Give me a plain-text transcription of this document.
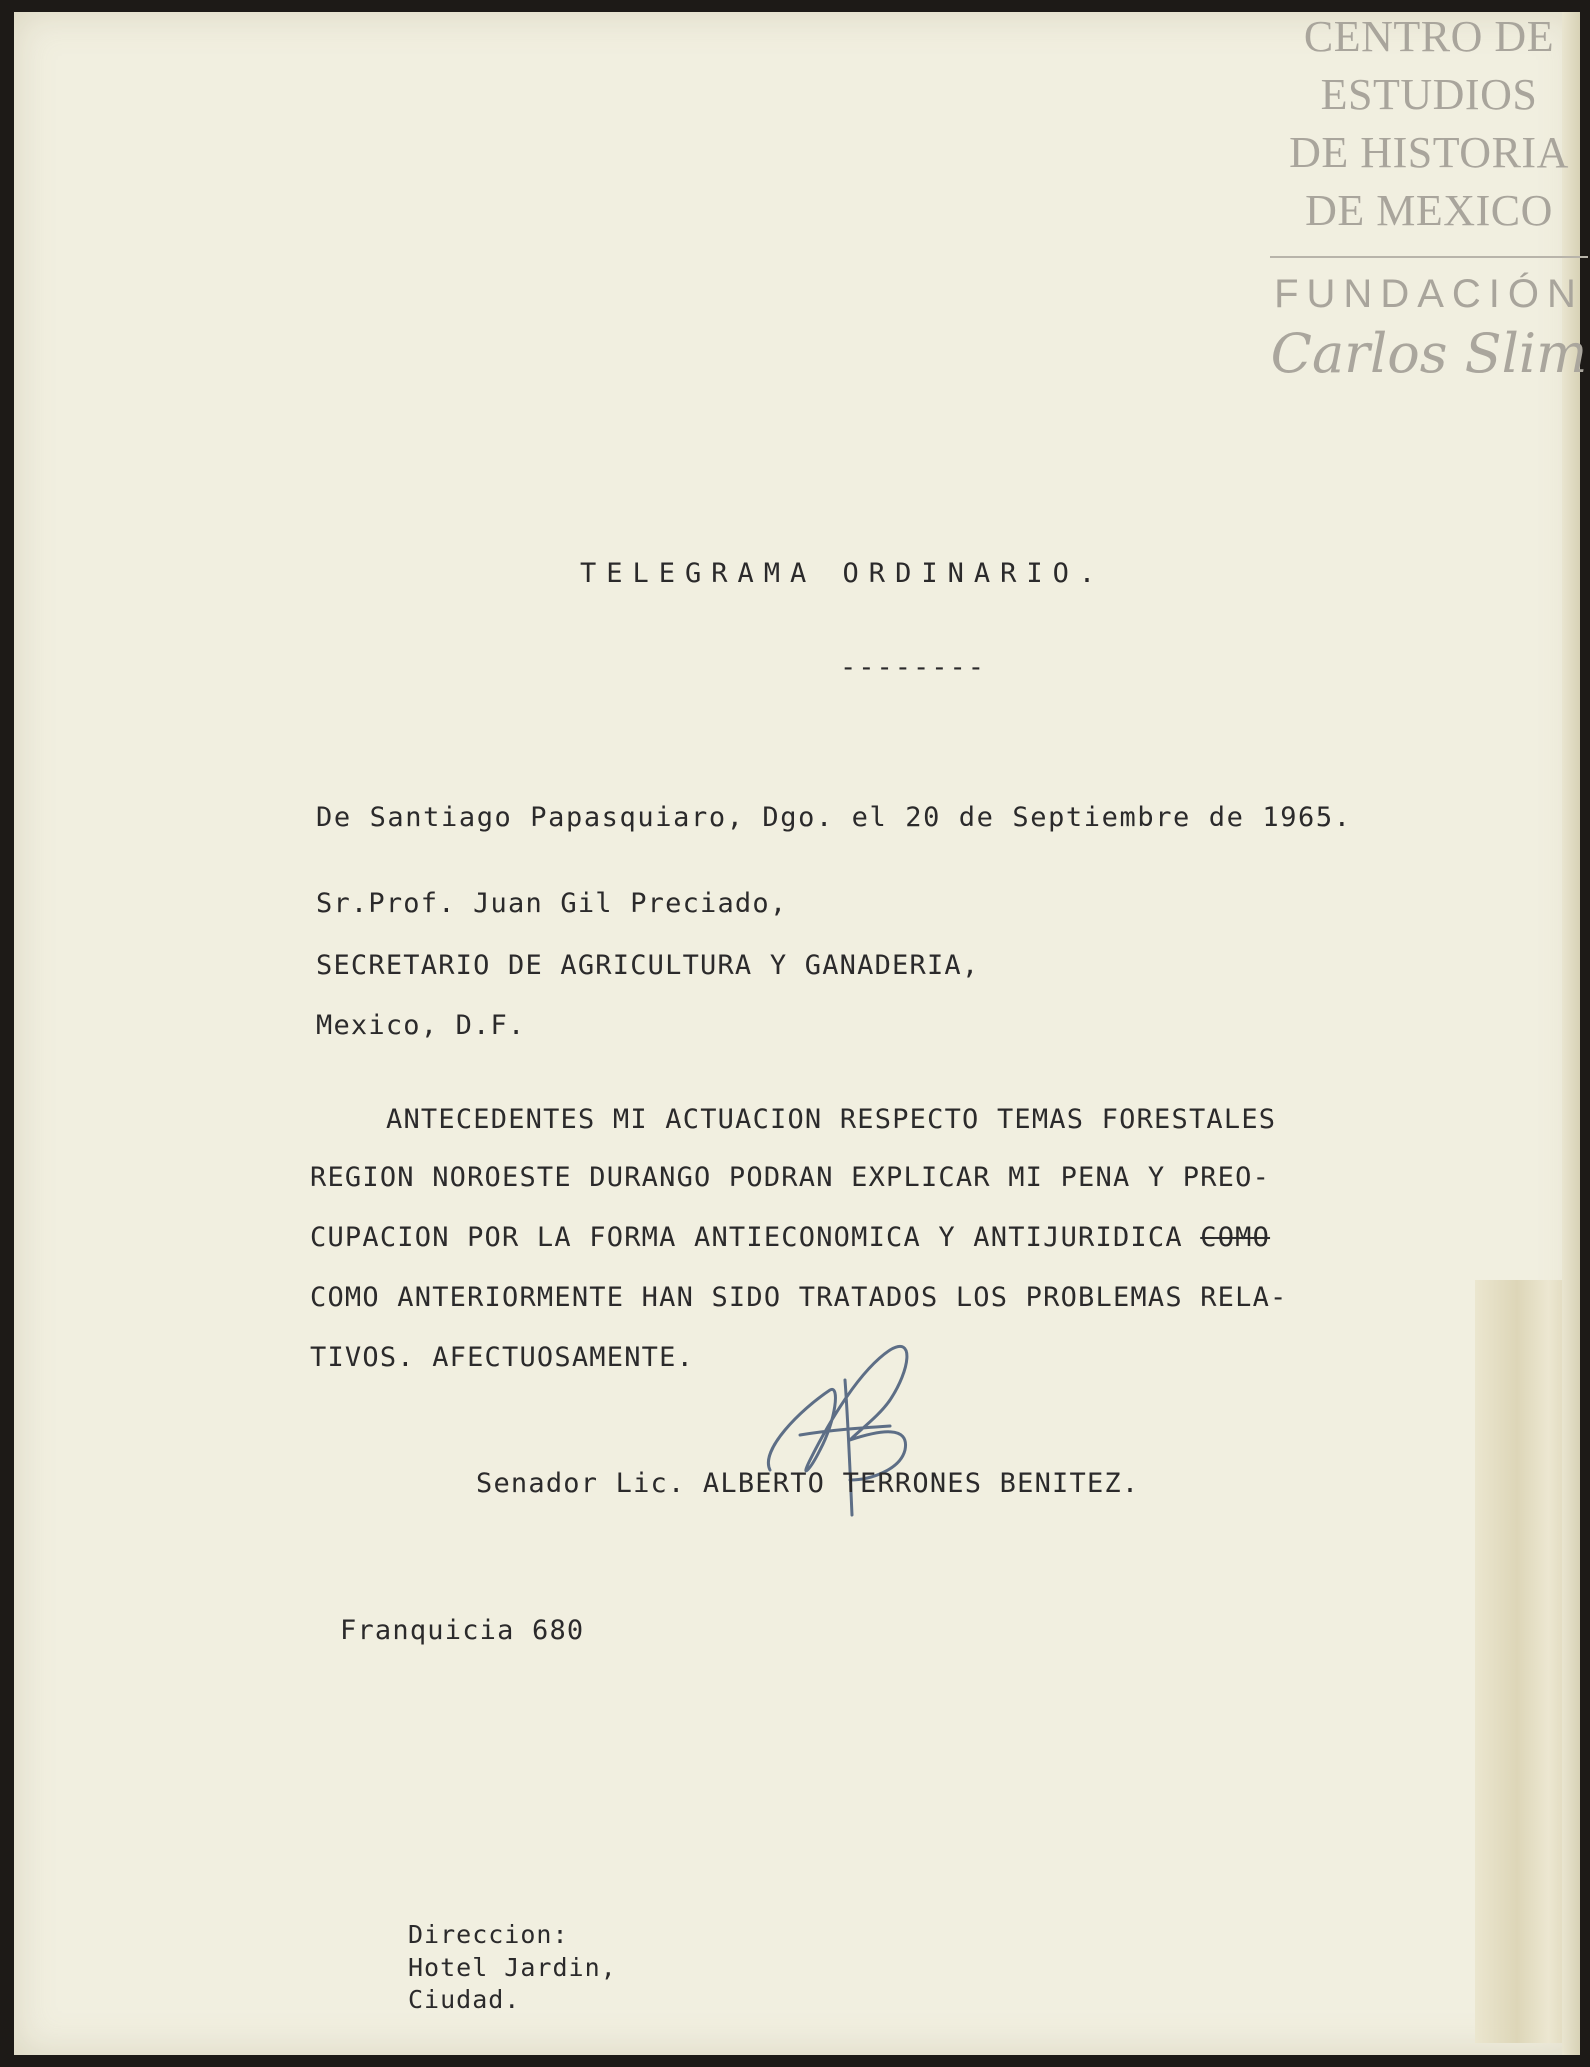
CENTRO DE
ESTUDIOS
DE HISTORIA
DE MEXICO
FUNDACIÓN
Carlos Slim
TELEGRAMA ORDINARIO.
--------
De Santiago Papasquiaro, Dgo. el 20 de Septiembre de 1965.
Sr.Prof. Juan Gil Preciado,
SECRETARIO DE AGRICULTURA Y GANADERIA,
Mexico, D.F.
ANTECEDENTES MI ACTUACION RESPECTO TEMAS FORESTALES
REGION NOROESTE DURANGO PODRAN EXPLICAR MI PENA Y PREO-
CUPACION POR LA FORMA ANTIECONOMICA Y ANTIJURIDICA COMO
COMO ANTERIORMENTE HAN SIDO TRATADOS LOS PROBLEMAS RELA-
TIVOS. AFECTUOSAMENTE.
Senador Lic. ALBERTO TERRONES BENITEZ.
Franquicia 680
Direccion:
Hotel Jardin,
Ciudad.
